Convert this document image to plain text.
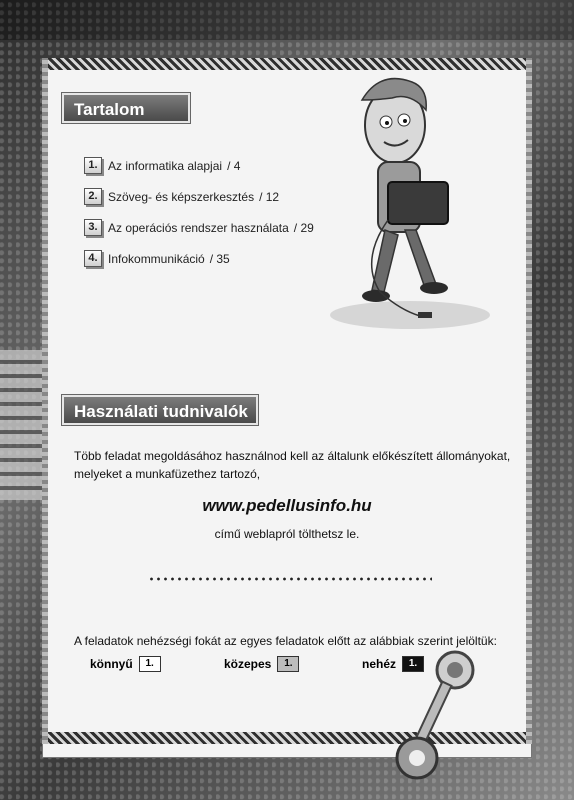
Tartalom
1. Az informatika alapjai / 4
2. Szöveg- és képszerkesztés / 12
3. Az operációs rendszer használata / 29
4. Infokommunikáció / 35
Használati tudnivalók
Több feladat megoldásához használnod kell az általunk előkészített állományokat, melyeket a munkafüzethez tartozó,
www.pedellusinfo.hu
című weblapról tölthetsz le.
A feladatok nehézségi fokát az egyes feladatok előtt az alábbiak szerint jelöltük:
könnyű	1.	közepes	1.	nehéz	1.
